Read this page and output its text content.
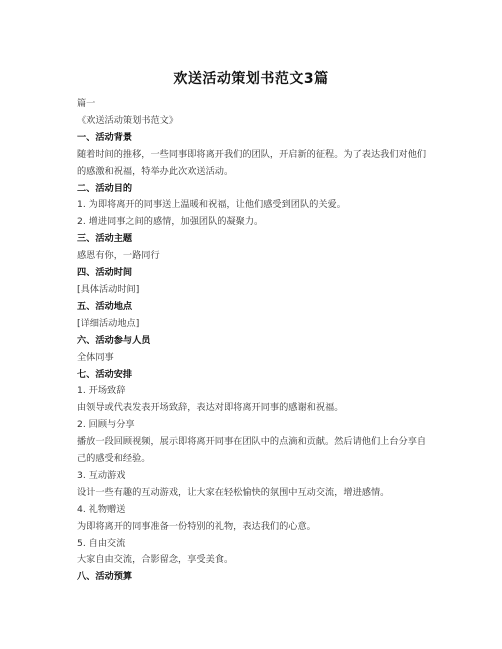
欢送活动策划书范文3篇

篇一

《欢送活动策划书范文》

一、活动背景

随着时间的推移，一些同事即将离开我们的团队，开启新的征程。为了表达我们对他们的感激和祝福，特举办此次欢送活动。

二、活动目的

1. 为即将离开的同事送上温暖和祝福，让他们感受到团队的关爱。

2. 增进同事之间的感情，加强团队的凝聚力。

三、活动主题

感恩有你，一路同行

四、活动时间

[具体活动时间]

五、活动地点

[详细活动地点]

六、活动参与人员

全体同事

七、活动安排

1. 开场致辞

由领导或代表发表开场致辞，表达对即将离开同事的感谢和祝福。

2. 回顾与分享

播放一段回顾视频，展示即将离开同事在团队中的点滴和贡献。然后请他们上台分享自己的感受和经验。

3. 互动游戏

设计一些有趣的互动游戏，让大家在轻松愉快的氛围中互动交流，增进感情。

4. 礼物赠送

为即将离开的同事准备一份特别的礼物，表达我们的心意。

5. 自由交流

大家自由交流，合影留念，享受美食。

八、活动预算
